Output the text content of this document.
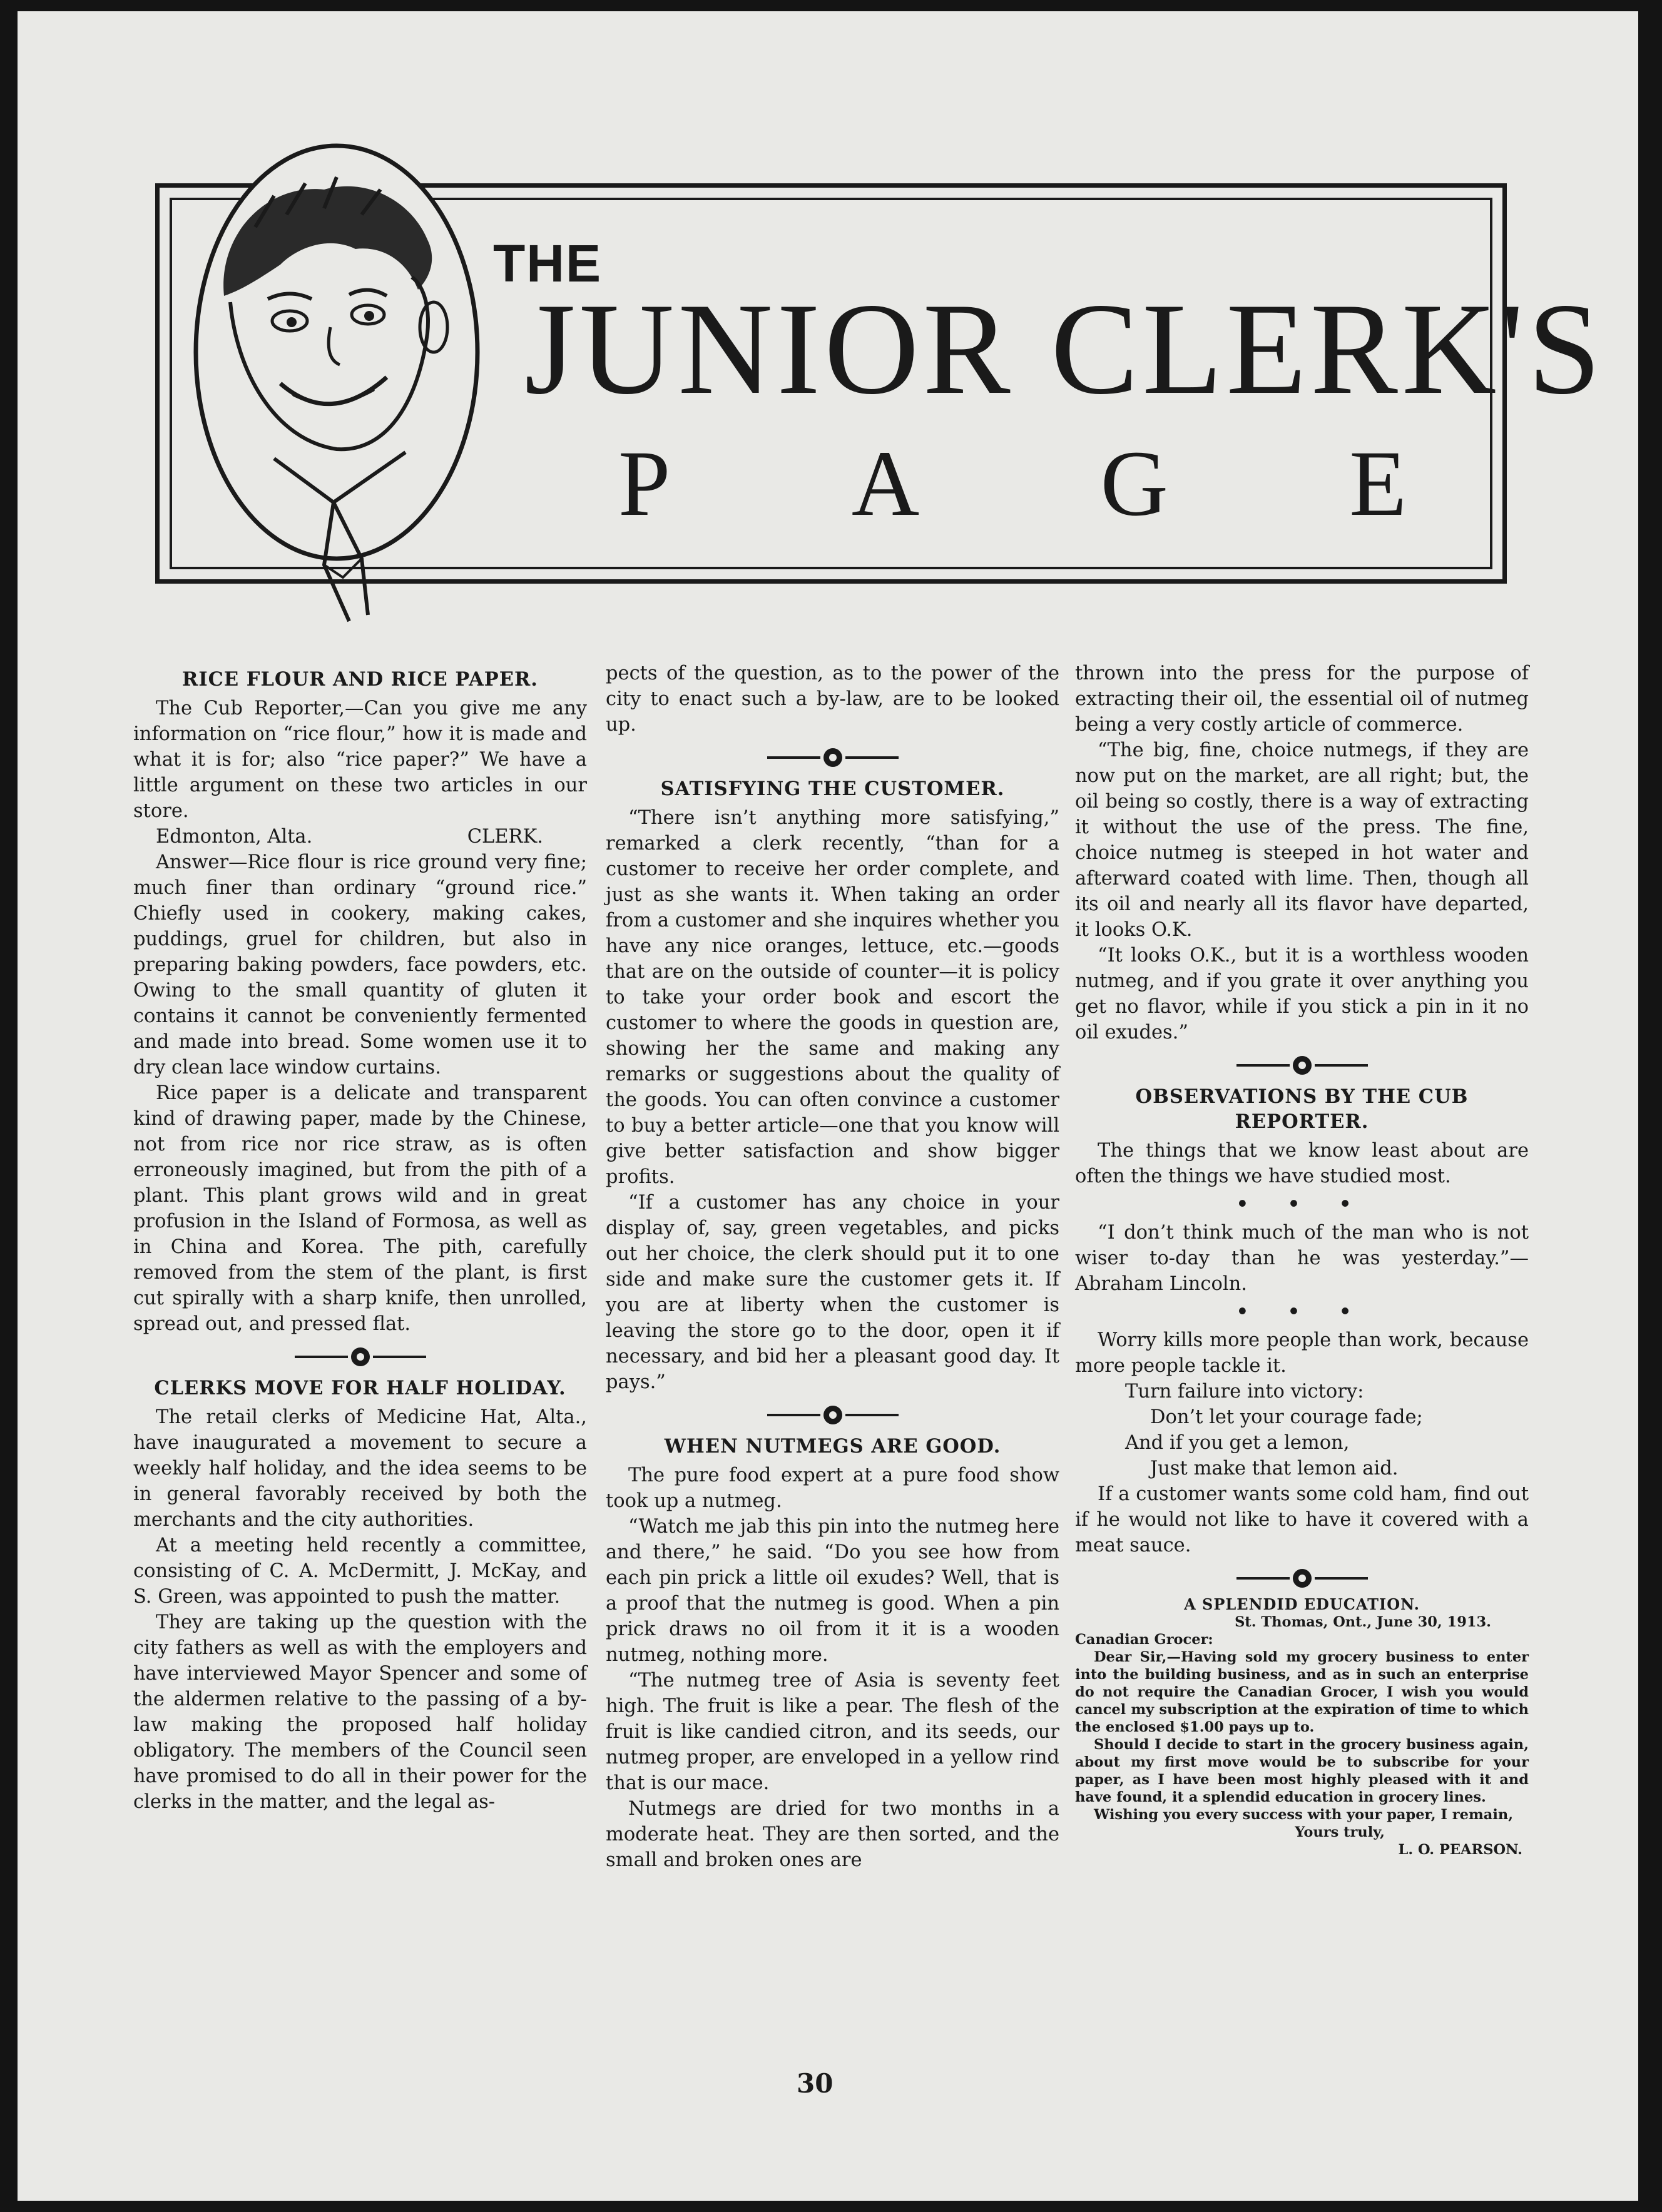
THE
JUNIOR CLERK'S
P A G E
RICE FLOUR AND RICE PAPER.

The Cub Reporter,—Can you give me any information on “rice flour,” how it is made and what it is for; also “rice paper?” We have a little argument on these two articles in our store.

Edmonton, Alta.	CLERK.

Answer—Rice flour is rice ground very fine; much finer than ordinary “ground rice.” Chiefly used in cookery, making cakes, puddings, gruel for children, but also in preparing baking powders, face powders, etc. Owing to the small quantity of gluten it contains it cannot be conveniently fermented and made into bread. Some women use it to dry clean lace window curtains.

Rice paper is a delicate and transparent kind of drawing paper, made by the Chinese, not from rice nor rice straw, as is often erroneously imagined, but from the pith of a plant. This plant grows wild and in great profusion in the Island of Formosa, as well as in China and Korea. The pith, carefully removed from the stem of the plant, is first cut spirally with a sharp knife, then unrolled, spread out, and pressed flat.

CLERKS MOVE FOR HALF HOLIDAY.

The retail clerks of Medicine Hat, Alta., have inaugurated a movement to secure a weekly half holiday, and the idea seems to be in general favorably received by both the merchants and the city authorities.

At a meeting held recently a committee, consisting of C. A. McDermitt, J. McKay, and S. Green, was appointed to push the matter.

They are taking up the question with the city fathers as well as with the employers and have interviewed Mayor Spencer and some of the aldermen relative to the passing of a by-law making the proposed half holiday obligatory. The members of the Council seen have promised to do all in their power for the clerks in the matter, and the legal as-

pects of the question, as to the power of the city to enact such a by-law, are to be looked up.

SATISFYING THE CUSTOMER.

“There isn’t anything more satisfying,” remarked a clerk recently, “than for a customer to receive her order complete, and just as she wants it. When taking an order from a customer and she inquires whether you have any nice oranges, lettuce, etc.—goods that are on the outside of counter—it is policy to take your order book and escort the customer to where the goods in question are, showing her the same and making any remarks or suggestions about the quality of the goods. You can often convince a customer to buy a better article—one that you know will give better satisfaction and show bigger profits.

“If a customer has any choice in your display of, say, green vegetables, and picks out her choice, the clerk should put it to one side and make sure the customer gets it. If you are at liberty when the customer is leaving the store go to the door, open it if necessary, and bid her a pleasant good day. It pays.”

WHEN NUTMEGS ARE GOOD.

The pure food expert at a pure food show took up a nutmeg.

“Watch me jab this pin into the nutmeg here and there,” he said. “Do you see how from each pin prick a little oil exudes? Well, that is a proof that the nutmeg is good. When a pin prick draws no oil from it it is a wooden nutmeg, nothing more.

“The nutmeg tree of Asia is seventy feet high. The fruit is like a pear. The flesh of the fruit is like candied citron, and its seeds, our nutmeg proper, are enveloped in a yellow rind that is our mace.

Nutmegs are dried for two months in a moderate heat. They are then sorted, and the small and broken ones are

thrown into the press for the purpose of extracting their oil, the essential oil of nutmeg being a very costly article of commerce.

“The big, fine, choice nutmegs, if they are now put on the market, are all right; but, the oil being so costly, there is a way of extracting it without the use of the press. The fine, choice nutmeg is steeped in hot water and afterward coated with lime. Then, though all its oil and nearly all its flavor have departed, it looks O.K.

“It looks O.K., but it is a worthless wooden nutmeg, and if you grate it over anything you get no flavor, while if you stick a pin in it no oil exudes.”

OBSERVATIONS BY THE CUB REPORTER.

The things that we know least about are often the things we have studied most.

• • •

“I don’t think much of the man who is not wiser to-day than he was yesterday.”—Abraham Lincoln.

• • •

Worry kills more people than work, because more people tackle it.

Turn failure into victory:

Don’t let your courage fade;

And if you get a lemon,

Just make that lemon aid.

If a customer wants some cold ham, find out if he would not like to have it covered with a meat sauce.

A SPLENDID EDUCATION.

St. Thomas, Ont., June 30, 1913.

Canadian Grocer:

Dear Sir,—Having sold my grocery business to enter into the building business, and as in such an enterprise do not require the Canadian Grocer, I wish you would cancel my subscription at the expiration of time to which the enclosed $1.00 pays up to.

Should I decide to start in the grocery business again, about my first move would be to subscribe for your paper, as I have been most highly pleased with it and have found, it a splendid education in grocery lines.

Wishing you every success with your paper, I remain,

Yours truly,

L. O. PEARSON.

30
